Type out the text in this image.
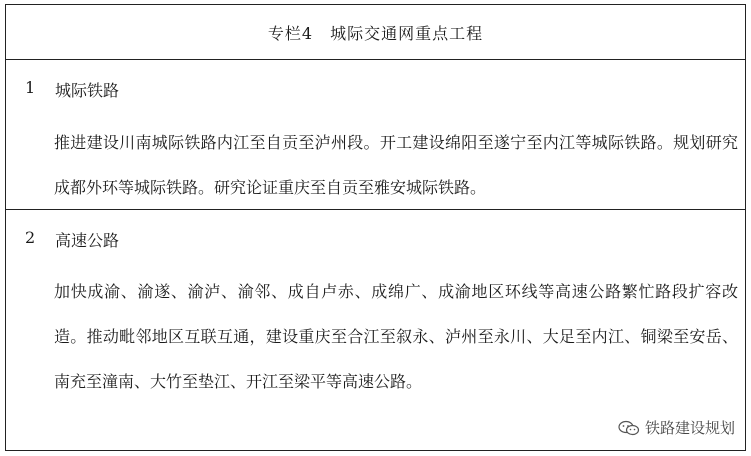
专栏4　城际交通网重点工程
1	城际铁路
推进建设川南城际铁路内江至自贡至泸州段。开工建设绵阳至遂宁至内江等城际铁路。规划研究成都外环等城际铁路。研究论证重庆至自贡至雅安城际铁路。
2	高速公路
加快成渝、渝遂、渝泸、渝邻、成自卢赤、成绵广、成渝地区环线等高速公路繁忙路段扩容改造。推动毗邻地区互联互通，建设重庆至合江至叙永、泸州至永川、大足至内江、铜梁至安岳、南充至潼南、大竹至垫江、开江至梁平等高速公路。
铁路建设规划
